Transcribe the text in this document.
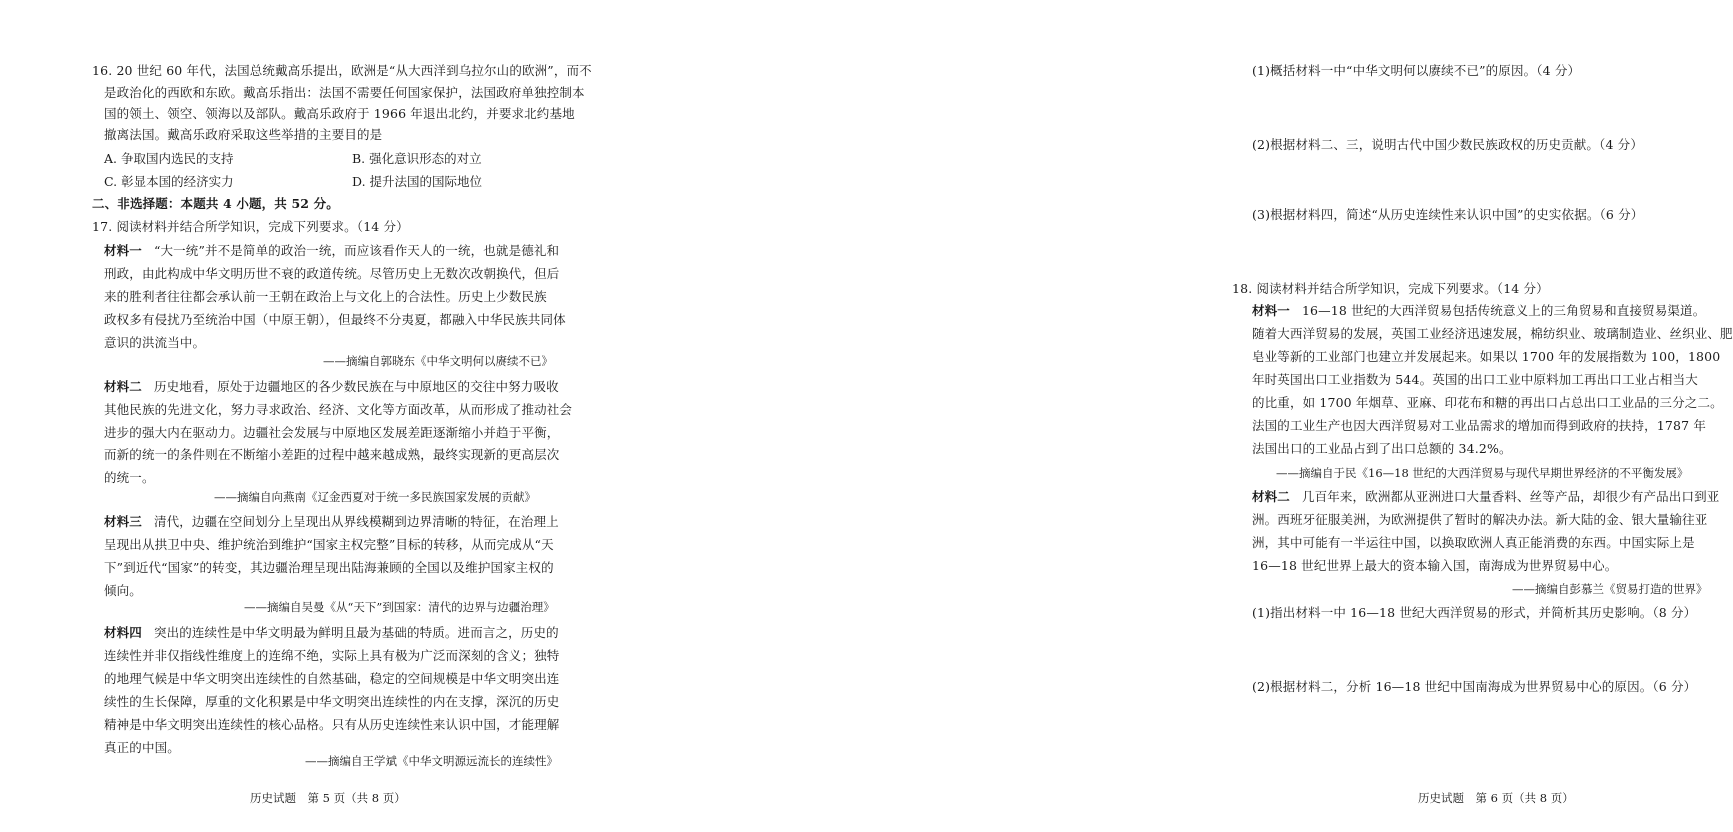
16. 20 世纪 60 年代，法国总统戴高乐提出，欧洲是“从大西洋到乌拉尔山的欧洲”，而不
是政治化的西欧和东欧。戴高乐指出：法国不需要任何国家保护，法国政府单独控制本
国的领土、领空、领海以及部队。戴高乐政府于 1966 年退出北约，并要求北约基地
撤离法国。戴高乐政府采取这些举措的主要目的是
A. 争取国内选民的支持	B. 强化意识形态的对立
C. 彰显本国的经济实力	D. 提升法国的国际地位
二、非选择题：本题共 4 小题，共 52 分。
17. 阅读材料并结合所学知识，完成下列要求。（14 分）
材料一 “大一统”并不是简单的政治一统，而应该看作天人的一统，也就是德礼和
刑政，由此构成中华文明历世不衰的政道传统。尽管历史上无数次改朝换代，但后
来的胜利者往往都会承认前一王朝在政治上与文化上的合法性。历史上少数民族
政权多有侵扰乃至统治中国（中原王朝），但最终不分夷夏，都融入中华民族共同体
意识的洪流当中。
——摘编自郭晓东《中华文明何以赓续不已》
材料二 历史地看，原处于边疆地区的各少数民族在与中原地区的交往中努力吸收
其他民族的先进文化，努力寻求政治、经济、文化等方面改革，从而形成了推动社会
进步的强大内在驱动力。边疆社会发展与中原地区发展差距逐渐缩小并趋于平衡，
而新的统一的条件则在不断缩小差距的过程中越来越成熟，最终实现新的更高层次
的统一。
——摘编自向燕南《辽金西夏对于统一多民族国家发展的贡献》
材料三 清代，边疆在空间划分上呈现出从界线模糊到边界清晰的特征，在治理上
呈现出从拱卫中央、维护统治到维护“国家主权完整”目标的转移，从而完成从“天
下”到近代“国家”的转变，其边疆治理呈现出陆海兼顾的全国以及维护国家主权的
倾向。
——摘编自吴曼《从“天下”到国家：清代的边界与边疆治理》
材料四 突出的连续性是中华文明最为鲜明且最为基础的特质。进而言之，历史的
连续性并非仅指线性维度上的连绵不绝，实际上具有极为广泛而深刻的含义；独特
的地理气候是中华文明突出连续性的自然基础，稳定的空间规模是中华文明突出连
续性的生长保障，厚重的文化积累是中华文明突出连续性的内在支撑，深沉的历史
精神是中华文明突出连续性的核心品格。只有从历史连续性来认识中国，才能理解
真正的中国。
——摘编自王学斌《中华文明源远流长的连续性》
历史试题　第 5 页（共 8 页）
(1)概括材料一中“中华文明何以赓续不已”的原因。（4 分）
(2)根据材料二、三，说明古代中国少数民族政权的历史贡献。（4 分）
(3)根据材料四，简述“从历史连续性来认识中国”的史实依据。（6 分）
18. 阅读材料并结合所学知识，完成下列要求。（14 分）
材料一 16—18 世纪的大西洋贸易包括传统意义上的三角贸易和直接贸易渠道。
随着大西洋贸易的发展，英国工业经济迅速发展，棉纺织业、玻璃制造业、丝织业、肥
皂业等新的工业部门也建立并发展起来。如果以 1700 年的发展指数为 100，1800
年时英国出口工业指数为 544。英国的出口工业中原料加工再出口工业占相当大
的比重，如 1700 年烟草、亚麻、印花布和糖的再出口占总出口工业品的三分之二。
法国的工业生产也因大西洋贸易对工业品需求的增加而得到政府的扶持，1787 年
法国出口的工业品占到了出口总额的 34.2%。
——摘编自于民《16—18 世纪的大西洋贸易与现代早期世界经济的不平衡发展》
材料二 几百年来，欧洲都从亚洲进口大量香料、丝等产品，却很少有产品出口到亚
洲。西班牙征服美洲，为欧洲提供了暂时的解决办法。新大陆的金、银大量输往亚
洲，其中可能有一半运往中国，以换取欧洲人真正能消费的东西。中国实际上是
16—18 世纪世界上最大的资本输入国，南海成为世界贸易中心。
——摘编自彭慕兰《贸易打造的世界》
(1)指出材料一中 16—18 世纪大西洋贸易的形式，并简析其历史影响。（8 分）
(2)根据材料二，分析 16—18 世纪中国南海成为世界贸易中心的原因。（6 分）
历史试题　第 6 页（共 8 页）
